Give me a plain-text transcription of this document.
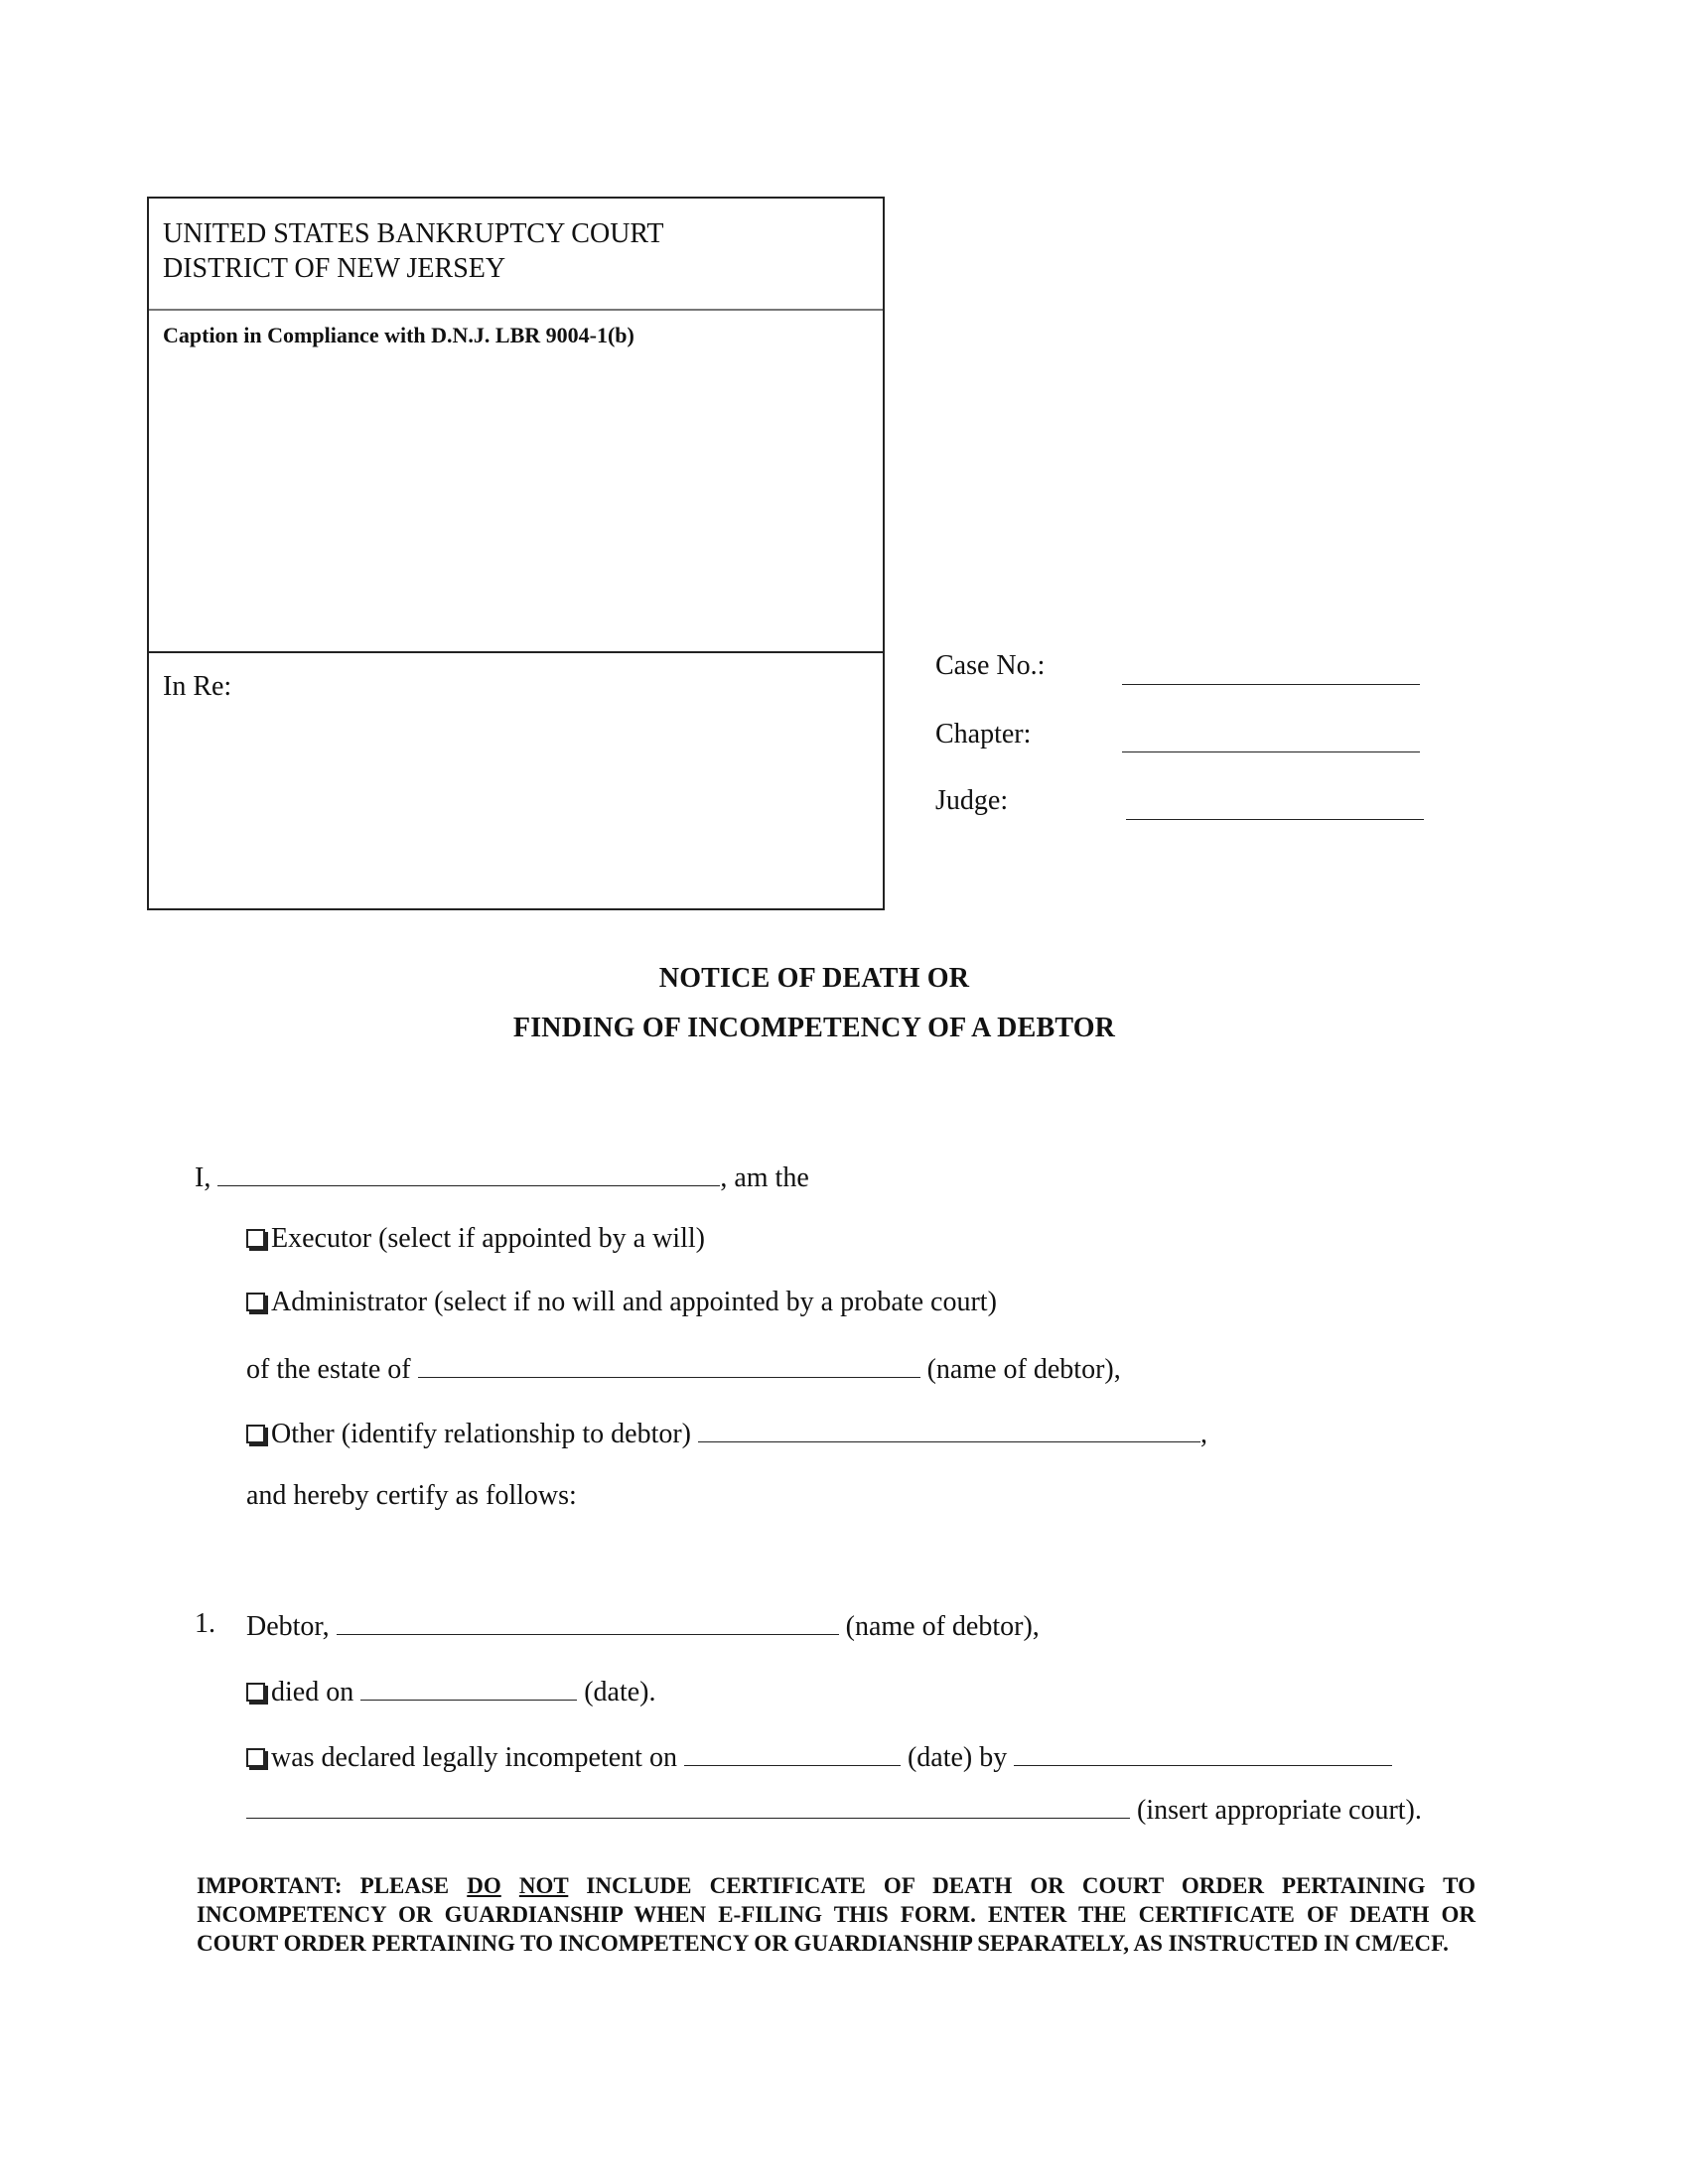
UNITED STATES BANKRUPTCY COURT
DISTRICT OF NEW JERSEY
Caption in Compliance with D.N.J. LBR 9004-1(b)
In Re:
Case No.:
Chapter:
Judge:
NOTICE OF DEATH OR
FINDING OF INCOMPETENCY OF A DEBTOR
I,	, am the
Executor (select if appointed by a will)
Administrator (select if no will and appointed by a probate court)
of the estate of	(name of debtor),
Other (identify relationship to debtor)	,
and hereby certify as follows:
1. Debtor,	(name of debtor),
died on	(date).
was declared legally incompetent on	(date) by
(insert appropriate court).
IMPORTANT: PLEASE DO NOT INCLUDE CERTIFICATE OF DEATH OR COURT ORDER PERTAINING TO INCOMPETENCY OR GUARDIANSHIP WHEN E-FILING THIS FORM. ENTER THE CERTIFICATE OF DEATH OR COURT ORDER PERTAINING TO INCOMPETENCY OR GUARDIANSHIP SEPARATELY, AS INSTRUCTED IN CM/ECF.
